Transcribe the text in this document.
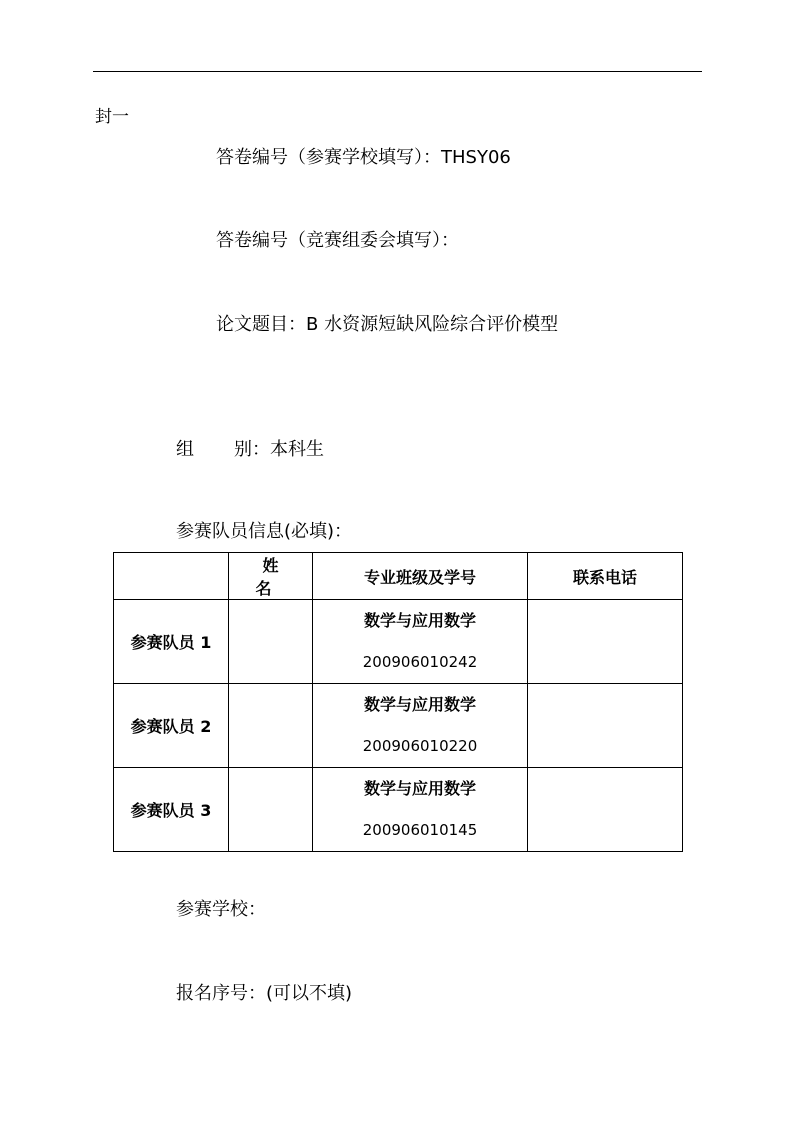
封一
答卷编号（参赛学校填写）：THSY06
答卷编号（竞赛组委会填写）：
论文题目：B 水资源短缺风险综合评价模型
组 别：本科生
参赛队员信息(必填)：
	姓 名	专业班级及学号	联系电话
参赛队员 1		数学与应用数学
200906010242	

参赛队员 2		数学与应用数学
200906010220	

参赛队员 3		数学与应用数学
200906010145	

参赛学校：
报名序号：(可以不填)
